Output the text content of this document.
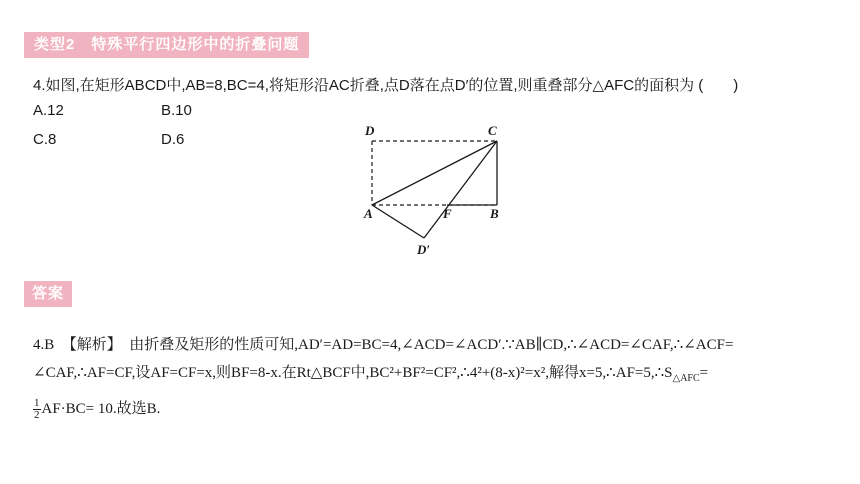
类型2　特殊平行四边形中的折叠问题
4.如图,在矩形ABCD中,AB=8,BC=4,将矩形沿AC折叠,点D落在点D′的位置,则重叠部分△AFC的面积为 (　　)
A.12	B.10
C.8	D.6
D	C
A	F	B
D′
答案
4.B　【解析】　由折叠及矩形的性质可知,AD′=AD=BC=4,∠ACD=∠ACD′.∵AB∥CD,∴∠ACD=∠CAF,∴∠ACF=
∠CAF,∴AF=CF,设AF=CF=x,则BF=8-x.在Rt△BCF中,BC²+BF²=CF²,∴4²+(8-x)²=x²,解得$x=5,\therefore AF=5,\therefore S_{\triangle AFC}=$
$\frac{1}{2} AF\cdot BC= 10$.故选B.
